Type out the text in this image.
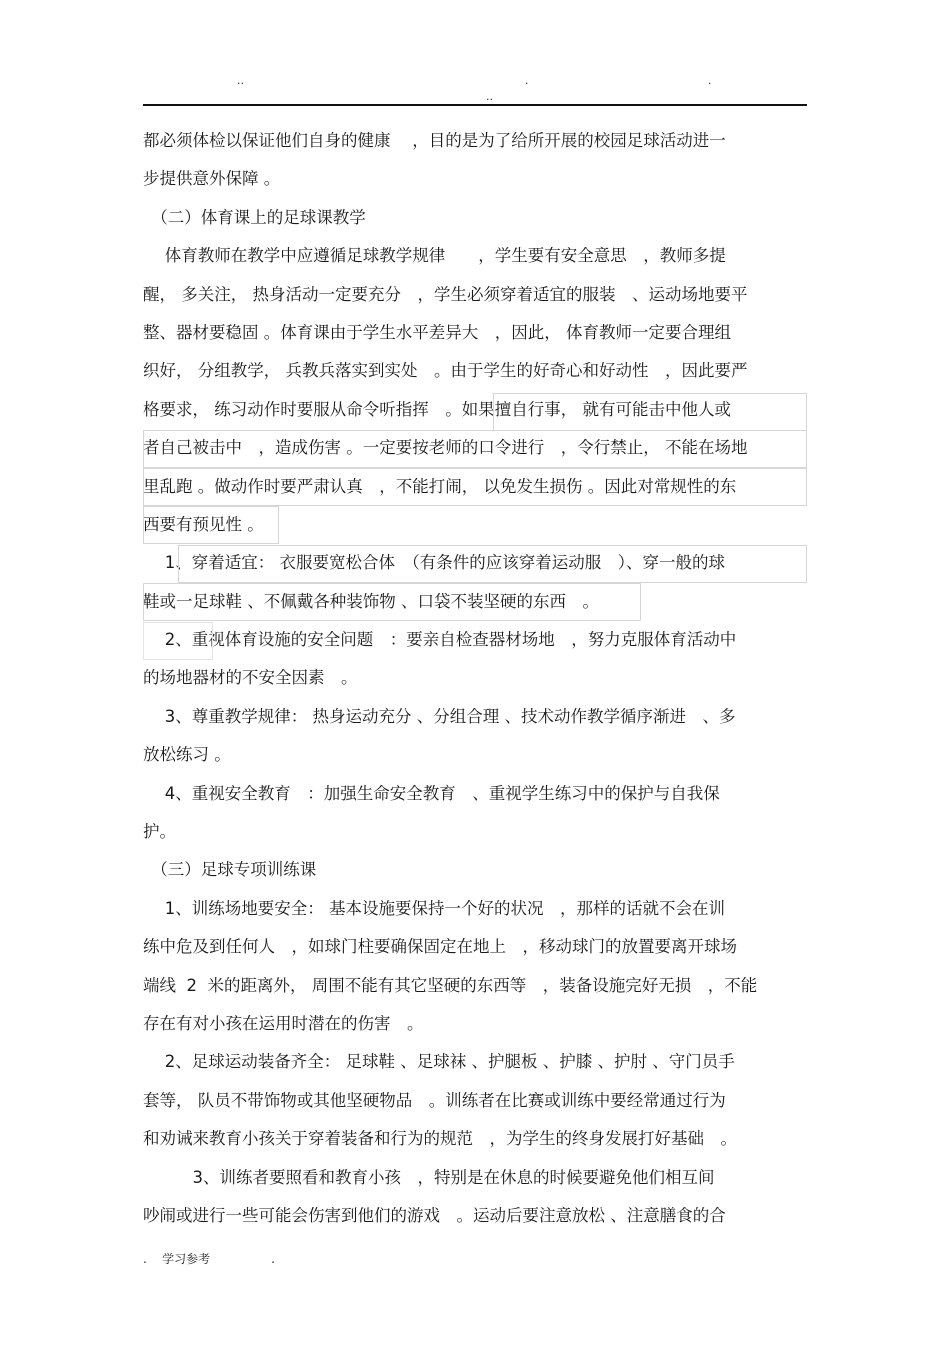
..	.	.
..
都必须体检以保证他们自身的健康　 ，目的是为了给所开展的校园足球活动进一
步提供意外保障 。
　（二）体育课上的足球课教学
　 体育教师在教学中应遵循足球教学规律　　，学生要有安全意思　，教师多提
醒， 多关注， 热身活动一定要充分　，学生必须穿着适宜的服装　、运动场地要平
整、器材要稳固 。体育课由于学生水平差异大　，因此， 体育教师一定要合理组
织好， 分组教学， 兵教兵落实到实处　。由于学生的好奇心和好动性　，因此要严
格要求， 练习动作时要服从命令听指挥　。如果擅自行事， 就有可能击中他人或
者自己被击中　，造成伤害 。一定要按老师的口令进行　，令行禁止， 不能在场地
里乱跑 。做动作时要严肃认真　，不能打闹， 以免发生损伤 。因此对常规性的东
西要有预见性 。
　 1、穿着适宜： 衣服要宽松合体　（有条件的应该穿着运动服　）、穿一般的球
鞋或一足球鞋 、不佩戴各种装饰物 、口袋不装坚硬的东西　。
　 2、重视体育设施的安全问题　：要亲自检查器材场地　，努力克服体育活动中
的场地器材的不安全因素　。
　 3、尊重教学规律： 热身运动充分 、分组合理 、技术动作教学循序渐进　、多
放松练习 。
　 4、重视安全教育　：加强生命安全教育　、重视学生练习中的保护与自我保
护。
　（三）足球专项训练课
　 1、训练场地要安全： 基本设施要保持一个好的状况　，那样的话就不会在训
练中危及到任何人　，如球门柱要确保固定在地上　，移动球门的放置要离开球场
端线  2  米的距离外， 周围不能有其它坚硬的东西等　，装备设施完好无损　，不能
存在有对小孩在运用时潜在的伤害　。
　 2、足球运动装备齐全： 足球鞋 、足球袜 、护腿板 、护膝 、护肘 、守门员手
套等， 队员不带饰物或其他坚硬物品　。训练者在比赛或训练中要经常通过行为
和劝诫来教育小孩关于穿着装备和行为的规范　，为学生的终身发展打好基础　。
　　　3、训练者要照看和教育小孩　，特别是在休息的时候要避免他们相互间
吵闹或进行一些可能会伤害到他们的游戏　。运动后要注意放松 、注意膳食的合
. 学习参考	.
